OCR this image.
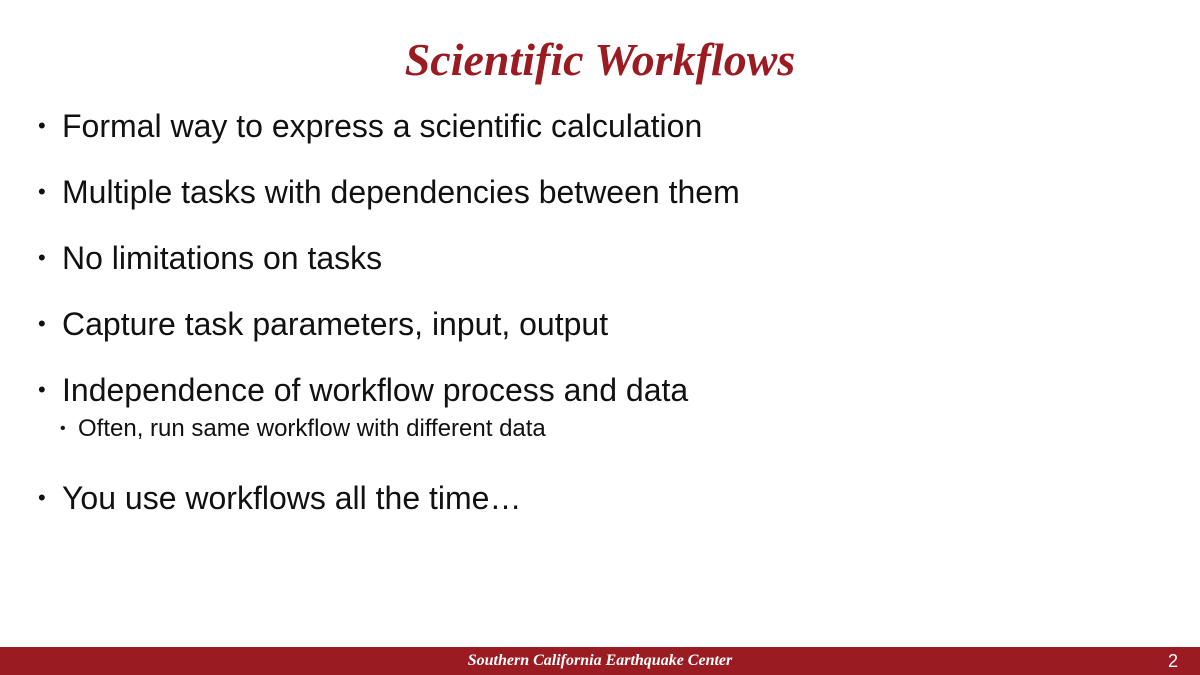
Scientific Workflows
• Formal way to express a scientific calculation
• Multiple tasks with dependencies between them
• No limitations on tasks
• Capture task parameters, input, output
• Independence of workflow process and data
• Often, run same workflow with different data
• You use workflows all the time…
Southern California Earthquake Center	2
